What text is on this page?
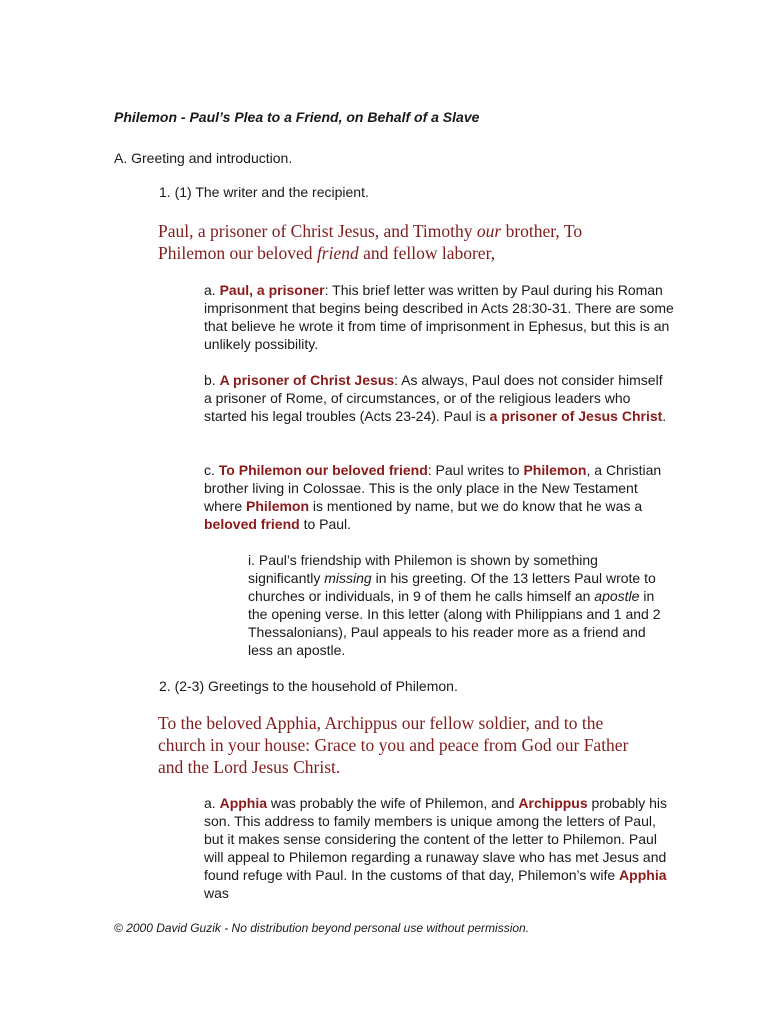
Philemon - Paul’s Plea to a Friend, on Behalf of a Slave
A. Greeting and introduction.
1. (1) The writer and the recipient.

Paul, a prisoner of Christ Jesus, and Timothy our brother, To Philemon our beloved friend and fellow laborer,

a. Paul, a prisoner: This brief letter was written by Paul during his Roman imprisonment that begins being described in Acts 28:30-31. There are some that believe he wrote it from time of imprisonment in Ephesus, but this is an unlikely possibility.

b. A prisoner of Christ Jesus: As always, Paul does not consider himself a prisoner of Rome, of circumstances, or of the religious leaders who started his legal troubles (Acts 23-24). Paul is a prisoner of Jesus Christ.

c. To Philemon our beloved friend: Paul writes to Philemon, a Christian brother living in Colossae. This is the only place in the New Testament where Philemon is mentioned by name, but we do know that he was a beloved friend to Paul.

i. Paul’s friendship with Philemon is shown by something significantly missing in his greeting. Of the 13 letters Paul wrote to churches or individuals, in 9 of them he calls himself an apostle in the opening verse. In this letter (along with Philippians and 1 and 2 Thessalonians), Paul appeals to his reader more as a friend and less an apostle.

2. (2-3) Greetings to the household of Philemon.

To the beloved Apphia, Archippus our fellow soldier, and to the church in your house: Grace to you and peace from God our Father and the Lord Jesus Christ.

a. Apphia was probably the wife of Philemon, and Archippus probably his son. This address to family members is unique among the letters of Paul, but it makes sense considering the content of the letter to Philemon. Paul will appeal to Philemon regarding a runaway slave who has met Jesus and found refuge with Paul. In the customs of that day, Philemon’s wife Apphia was

© 2000 David Guzik - No distribution beyond personal use without permission.
